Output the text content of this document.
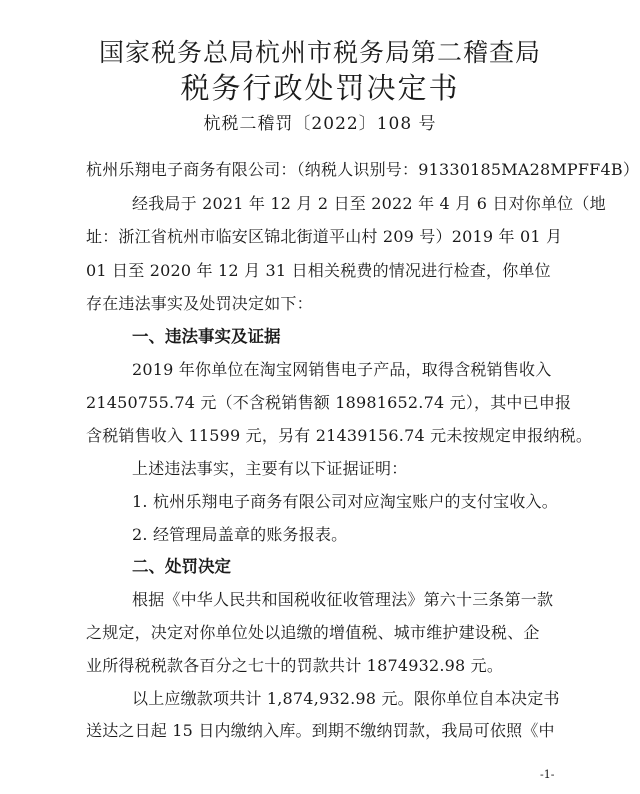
国家税务总局杭州市税务局第二稽查局
税务行政处罚决定书
杭税二稽罚〔2022〕108 号
杭州乐翔电子商务有限公司：（纳税人识别号：91330185MA28MPFF4B）
经我局于 2021 年 12 月 2 日至 2022 年 4 月 6 日对你单位（地
址：浙江省杭州市临安区锦北街道平山村 209 号）2019 年 01 月
01 日至 2020 年 12 月 31 日相关税费的情况进行检查，你单位
存在违法事实及处罚决定如下：
一、违法事实及证据
2019 年你单位在淘宝网销售电子产品，取得含税销售收入
21450755.74 元（不含税销售额 18981652.74 元），其中已申报
含税销售收入 11599 元，另有 21439156.74 元未按规定申报纳税。
上述违法事实，主要有以下证据证明：
1. 杭州乐翔电子商务有限公司对应淘宝账户的支付宝收入。
2. 经管理局盖章的账务报表。
二、处罚决定
根据《中华人民共和国税收征收管理法》第六十三条第一款
之规定，决定对你单位处以追缴的增值税、城市维护建设税、企
业所得税税款各百分之七十的罚款共计 1874932.98 元。
以上应缴款项共计 1,874,932.98 元。限你单位自本决定书
送达之日起 15 日内缴纳入库。到期不缴纳罚款，我局可依照《中
-1-
